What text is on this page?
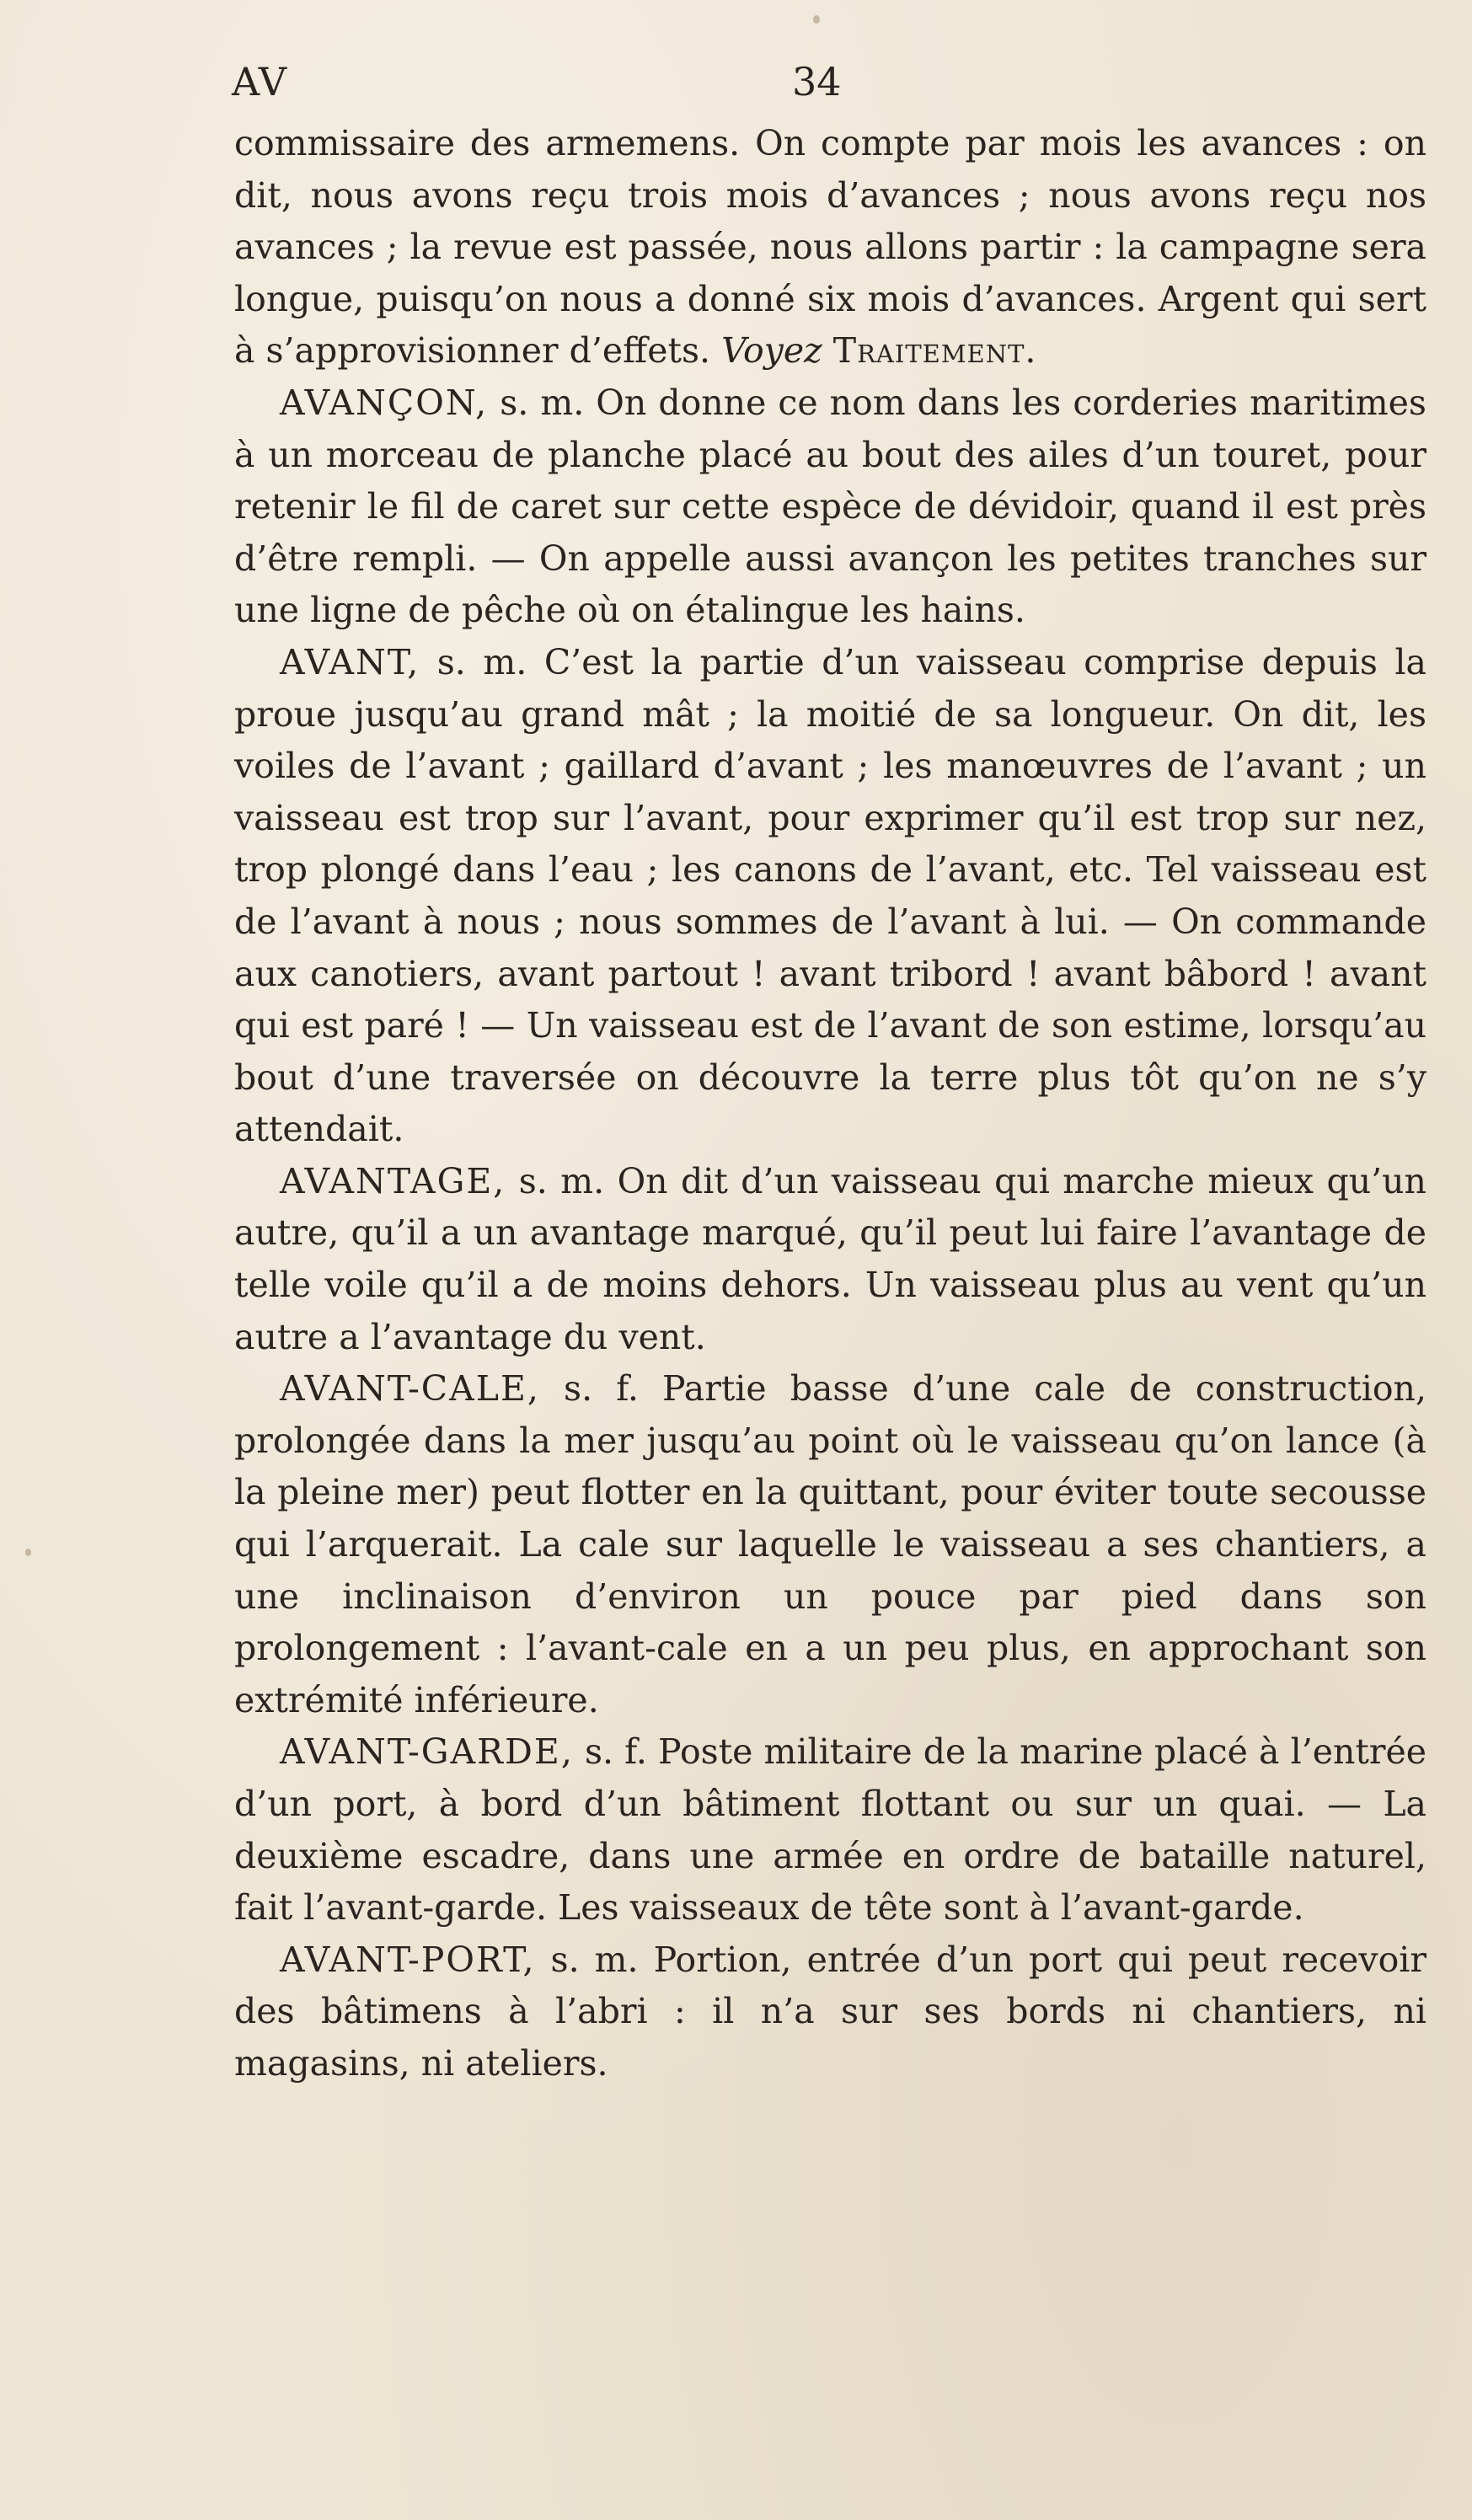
AV	34

commissaire des armemens. On compte par mois les avances : on dit, nous avons reçu trois mois d’avances ; nous avons reçu nos avances ; la revue est passée, nous allons partir : la campagne sera longue, puisqu’on nous a donné six mois d’avances. Argent qui sert à s’approvisionner d’effets. Voyez Traitement.

AVANÇON, s. m. On donne ce nom dans les corderies maritimes à un morceau de planche placé au bout des ailes d’un touret, pour retenir le fil de caret sur cette espèce de dévidoir, quand il est près d’être rempli. — On appelle aussi avançon les petites tranches sur une ligne de pêche où on étalingue les hains.

AVANT, s. m. C’est la partie d’un vaisseau comprise depuis la proue jusqu’au grand mât ; la moitié de sa longueur. On dit, les voiles de l’avant ; gaillard d’avant ; les manœuvres de l’avant ; un vaisseau est trop sur l’avant, pour exprimer qu’il est trop sur nez, trop plongé dans l’eau ; les canons de l’avant, etc. Tel vaisseau est de l’avant à nous ; nous sommes de l’avant à lui. — On commande aux canotiers, avant partout ! avant tribord ! avant bâbord ! avant qui est paré ! — Un vaisseau est de l’avant de son estime, lorsqu’au bout d’une traversée on découvre la terre plus tôt qu’on ne s’y attendait.

AVANTAGE, s. m. On dit d’un vaisseau qui marche mieux qu’un autre, qu’il a un avantage marqué, qu’il peut lui faire l’avantage de telle voile qu’il a de moins dehors. Un vaisseau plus au vent qu’un autre a l’avantage du vent.

AVANT-CALE, s. f. Partie basse d’une cale de construction, prolongée dans la mer jusqu’au point où le vaisseau qu’on lance (à la pleine mer) peut flotter en la quittant, pour éviter toute secousse qui l’arquerait. La cale sur laquelle le vaisseau a ses chantiers, a une inclinaison d’environ un pouce par pied dans son prolongement : l’avant-cale en a un peu plus, en approchant son extrémité inférieure.

AVANT-GARDE, s. f. Poste militaire de la marine placé à l’entrée d’un port, à bord d’un bâtiment flottant ou sur un quai. — La deuxième escadre, dans une armée en ordre de bataille naturel, fait l’avant-garde. Les vaisseaux de tête sont à l’avant-garde.

AVANT-PORT, s. m. Portion, entrée d’un port qui peut recevoir des bâtimens à l’abri : il n’a sur ses bords ni chantiers, ni magasins, ni ateliers.
